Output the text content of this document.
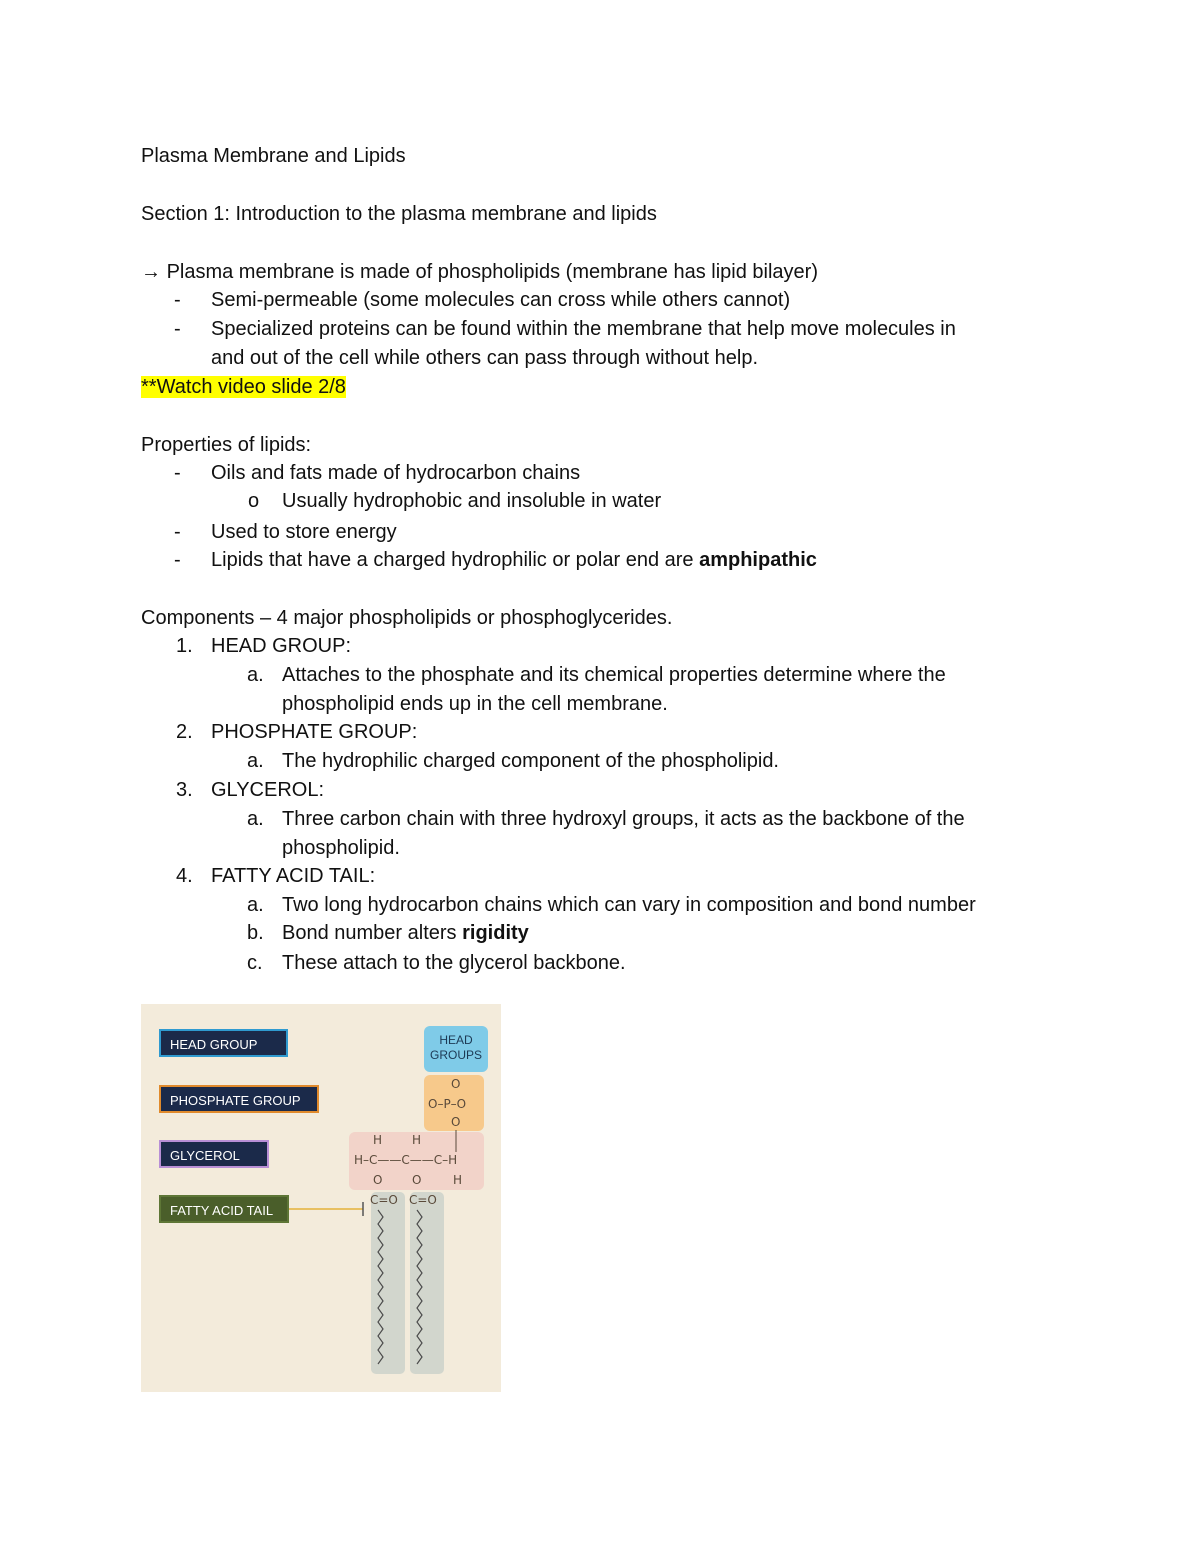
Plasma Membrane and Lipids
Section 1: Introduction to the plasma membrane and lipids
→ Plasma membrane is made of phospholipids (membrane has lipid bilayer)
- Semi-permeable (some molecules can cross while others cannot)
- Specialized proteins can be found within the membrane that help move molecules in
and out of the cell while others can pass through without help.
**Watch video slide 2/8
Properties of lipids:
- Oils and fats made of hydrocarbon chains
o Usually hydrophobic and insoluble in water
- Used to store energy
- Lipids that have a charged hydrophilic or polar end are amphipathic
Components – 4 major phospholipids or phosphoglycerides.
1. HEAD GROUP:
a. Attaches to the phosphate and its chemical properties determine where the
phospholipid ends up in the cell membrane.
2. PHOSPHATE GROUP:
a. The hydrophilic charged component of the phospholipid.
3. GLYCEROL:
a. Three carbon chain with three hydroxyl groups, it acts as the backbone of the
phospholipid.
4. FATTY ACID TAIL:
a. Two long hydrocarbon chains which can vary in composition and bond number
b. Bond number alters rigidity
c. These attach to the glycerol backbone.
HEAD GROUP
PHOSPHATE GROUP
GLYCEROL
FATTY ACID TAIL
HEAD
GROUPS
O
O–P–O
O
H H
H–C——C——C–H
H
O O
C=O C=O
